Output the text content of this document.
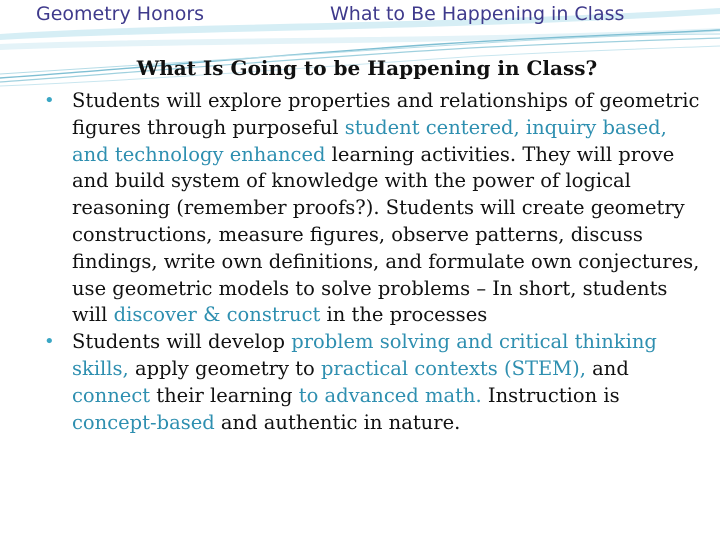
Geometry Honors	What to Be Happening in Class
What Is Going to be Happening in Class?
• Students will explore properties and relationships of geometric figures through purposeful student centered, inquiry based, and technology enhanced learning activities. They will prove and build system of knowledge with the power of logical reasoning (remember proofs?). Students will create geometry constructions, measure figures, observe patterns, discuss findings, write own definitions, and formulate own conjectures, use geometric models to solve problems – In short, students will discover & construct in the processes
• Students will develop problem solving and critical thinking skills, apply geometry to practical contexts (STEM), and connect their learning to advanced math. Instruction is concept-based and authentic in nature.
